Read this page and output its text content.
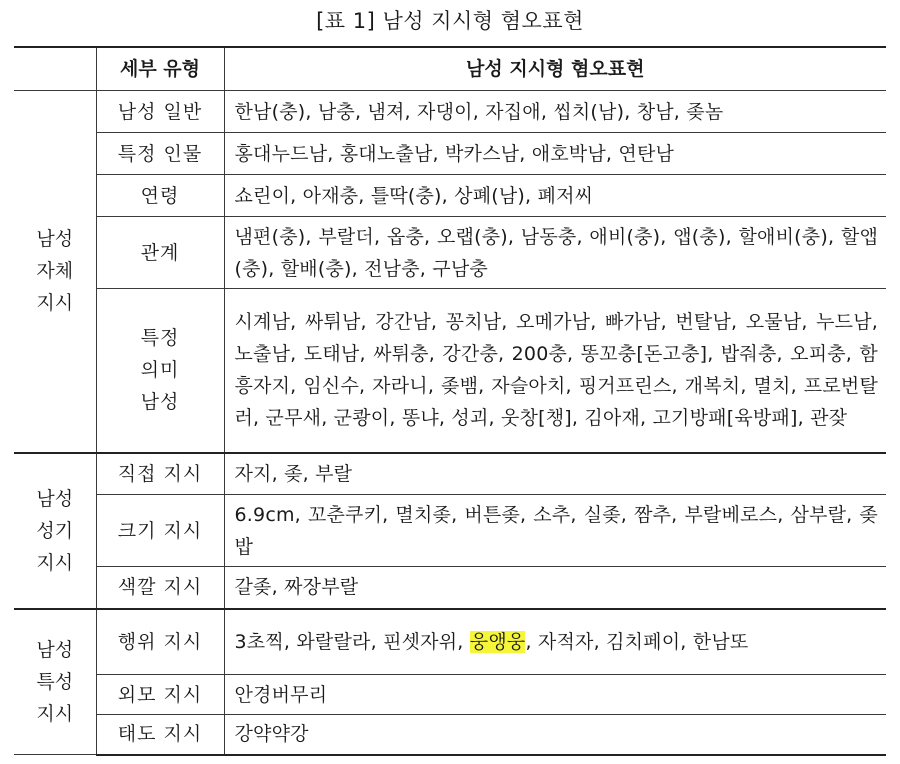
[표 1] 남성 지시형 혐오표현
	세부 유형	남성 지시형 혐오표현

남성
자체
지시	남성 일반	한남(충), 남충, 냄져, 자댕이, 자집애, 씹치(남), 창남, 좆놈
	특정 인물	홍대누드남, 홍대노출남, 박카스남, 애호박남, 연탄남
	연령	쇼린이, 아재충, 틀딱(충), 상폐(남), 폐저씨
	관계	냄편(충), 부랄더, 옵충, 오랩(충), 남동충, 애비(충), 앱(충), 할애비(충), 할앱(충), 할배(충), 전남충, 구남충

	특정
의미
남성	시계남, 싸튀남, 강간남, 꽁치남, 오메가남, 빠가남, 번탈남, 오물남, 누드남, 노출남, 도태남, 싸튀충, 강간충, 200충, 똥꼬충[돈고충], 밥줘충, 오피충, 함흥자지, 임신수, 자라니, 좆뱀, 자슬아치, 핑거프린스, 개복치, 멸치, 프로번탈러, 군무새, 군쾅이, 똥냐, 성괴, 웃창[챙], 김아재, 고기방패[육방패], 관잦

남성
성기
지시	직접 지시	자지, 좆, 부랄
	크기 지시	6.9cm, 꼬춘쿠키, 멸치좆, 버튼좆, 소추, 실좆, 짬추, 부랄베로스, 삼부랄, 좆밥
	색깔 지시	갈좆, 짜장부랄

남성
특성
지시	행위 지시	3초찍, 와랄랄라, 핀셋자위, 웅앵웅, 자적자, 김치페이, 한남또
	외모 지시	안경버무리
	태도 지시	강약약강
